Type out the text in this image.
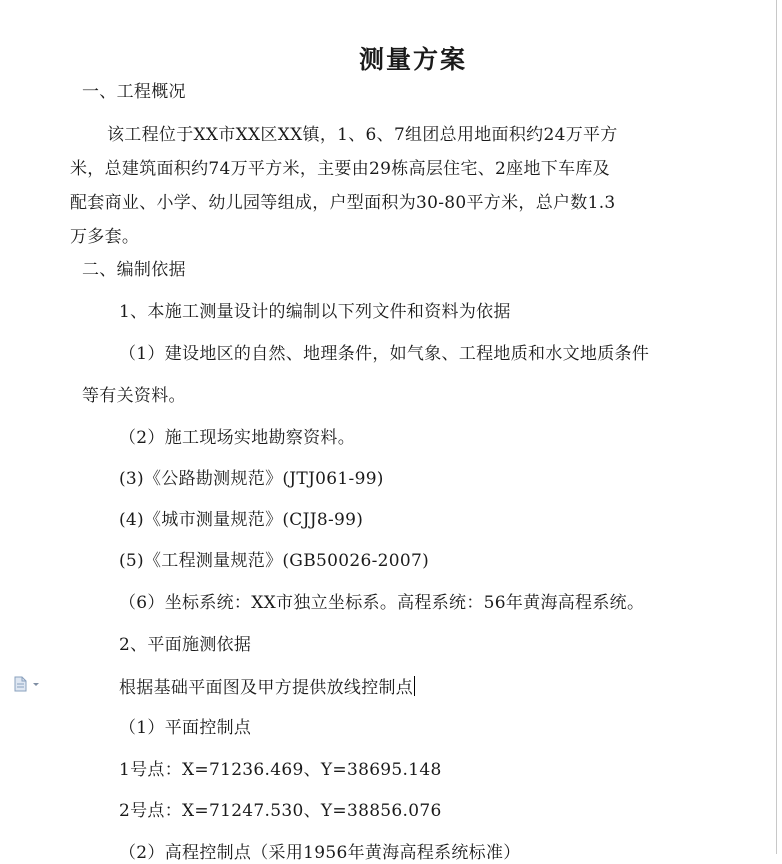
测量方案
一、工程概况
该工程位于XX市XX区XX镇，1、6、7组团总用地面积约24万平方
米，总建筑面积约74万平方米，主要由29栋高层住宅、2座地下车库及
配套商业、小学、幼儿园等组成，户型面积为30-80平方米，总户数1.3
万多套。
二、编制依据
1、本施工测量设计的编制以下列文件和资料为依据
（1）建设地区的自然、地理条件，如气象、工程地质和水文地质条件
等有关资料。
（2）施工现场实地勘察资料。
(3)《公路勘测规范》(JTJ061-99)
(4)《城市测量规范》(CJJ8-99)
(5)《工程测量规范》(GB50026-2007)
（6）坐标系统：XX市独立坐标系。高程系统：56年黄海高程系统。
2、平面施测依据
根据基础平面图及甲方提供放线控制点
（1）平面控制点
1号点：X=71236.469、Y=38695.148
2号点：X=71247.530、Y=38856.076
（2）高程控制点（采用1956年黄海高程系统标准）
